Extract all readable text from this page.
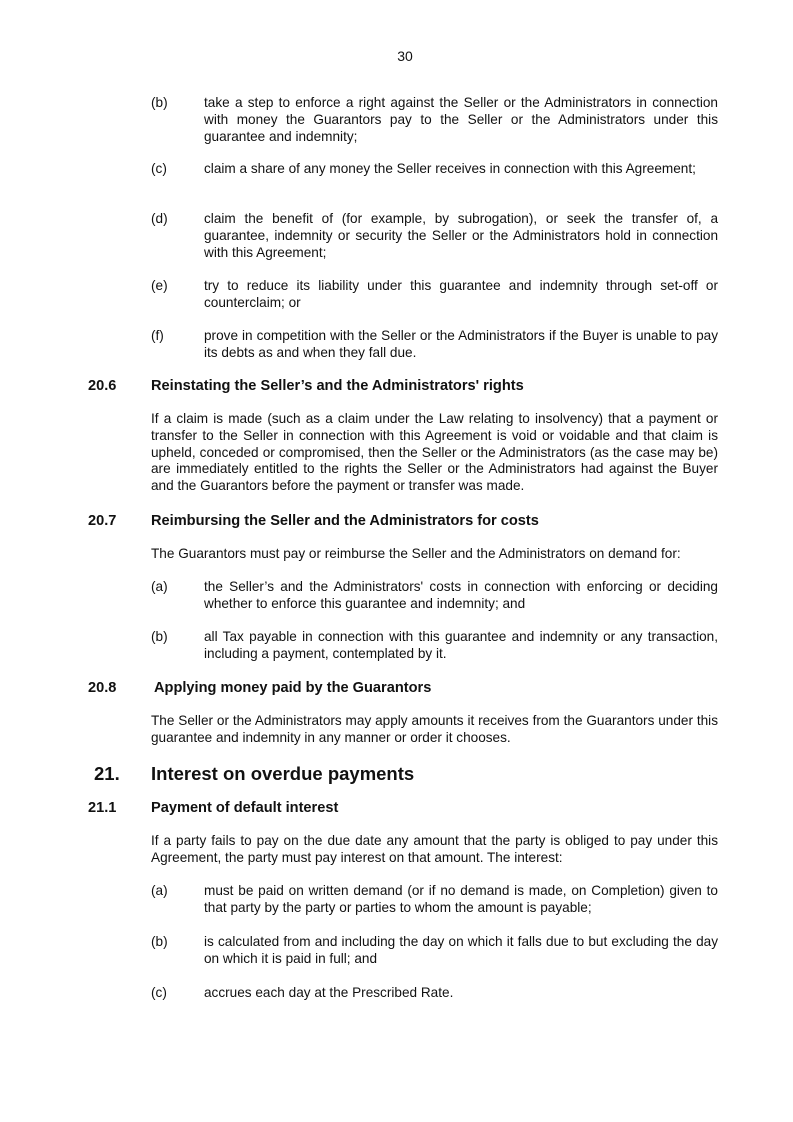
30
(b)	take a step to enforce a right against the Seller or the Administrators in connection with money the Guarantors pay to the Seller or the Administrators under this guarantee and indemnity;
(c)	claim a share of any money the Seller receives in connection with this Agreement;
(d)	claim the benefit of (for example, by subrogation), or seek the transfer of, a guarantee, indemnity or security the Seller or the Administrators hold in connection with this Agreement;
(e)	try to reduce its liability under this guarantee and indemnity through set-off or counterclaim; or
(f)	prove in competition with the Seller or the Administrators if the Buyer is unable to pay its debts as and when they fall due.
20.6 Reinstating the Seller’s and the Administrators' rights
If a claim is made (such as a claim under the Law relating to insolvency) that a payment or transfer to the Seller in connection with this Agreement is void or voidable and that claim is upheld, conceded or compromised, then the Seller or the Administrators (as the case may be) are immediately entitled to the rights the Seller or the Administrators had against the Buyer and the Guarantors before the payment or transfer was made.
20.7 Reimbursing the Seller and the Administrators for costs
The Guarantors must pay or reimburse the Seller and the Administrators on demand for:
(a)	the Seller’s and the Administrators' costs in connection with enforcing or deciding whether to enforce this guarantee and indemnity; and
(b)	all Tax payable in connection with this guarantee and indemnity or any transaction, including a payment, contemplated by it.
20.8	Applying money paid by the Guarantors
The Seller or the Administrators may apply amounts it receives from the Guarantors under this guarantee and indemnity in any manner or order it chooses.
21. Interest on overdue payments
21.1 Payment of default interest
If a party fails to pay on the due date any amount that the party is obliged to pay under this Agreement, the party must pay interest on that amount. The interest:
(a)	must be paid on written demand (or if no demand is made, on Completion) given to that party by the party or parties to whom the amount is payable;
(b)	is calculated from and including the day on which it falls due to but excluding the day on which it is paid in full; and
(c)	accrues each day at the Prescribed Rate.
